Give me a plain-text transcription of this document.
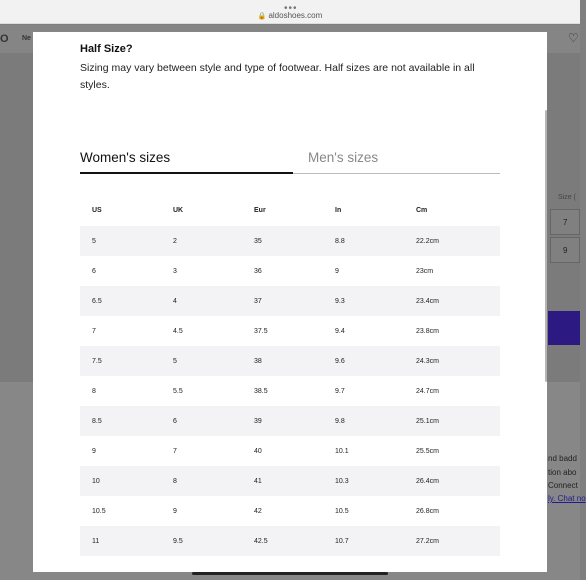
•••
🔒 aldoshoes.com
O Ne	♡
Size (
7
9
nd badd
tion abo
Connect
ly. Chat no
Half Size?
Sizing may vary between style and type of footwear. Half sizes are not available in all styles.
Women's sizes	Men's sizes
US	UK	Eur	In	Cm
5	2	35	8.8	22.2cm
6	3	36	9	23cm
6.5	4	37	9.3	23.4cm
7	4.5	37.5	9.4	23.8cm
7.5	5	38	9.6	24.3cm
8	5.5	38.5	9.7	24.7cm
8.5	6	39	9.8	25.1cm
9	7	40	10.1	25.5cm
10	8	41	10.3	26.4cm
10.5	9	42	10.5	26.8cm
11	9.5	42.5	10.7	27.2cm
